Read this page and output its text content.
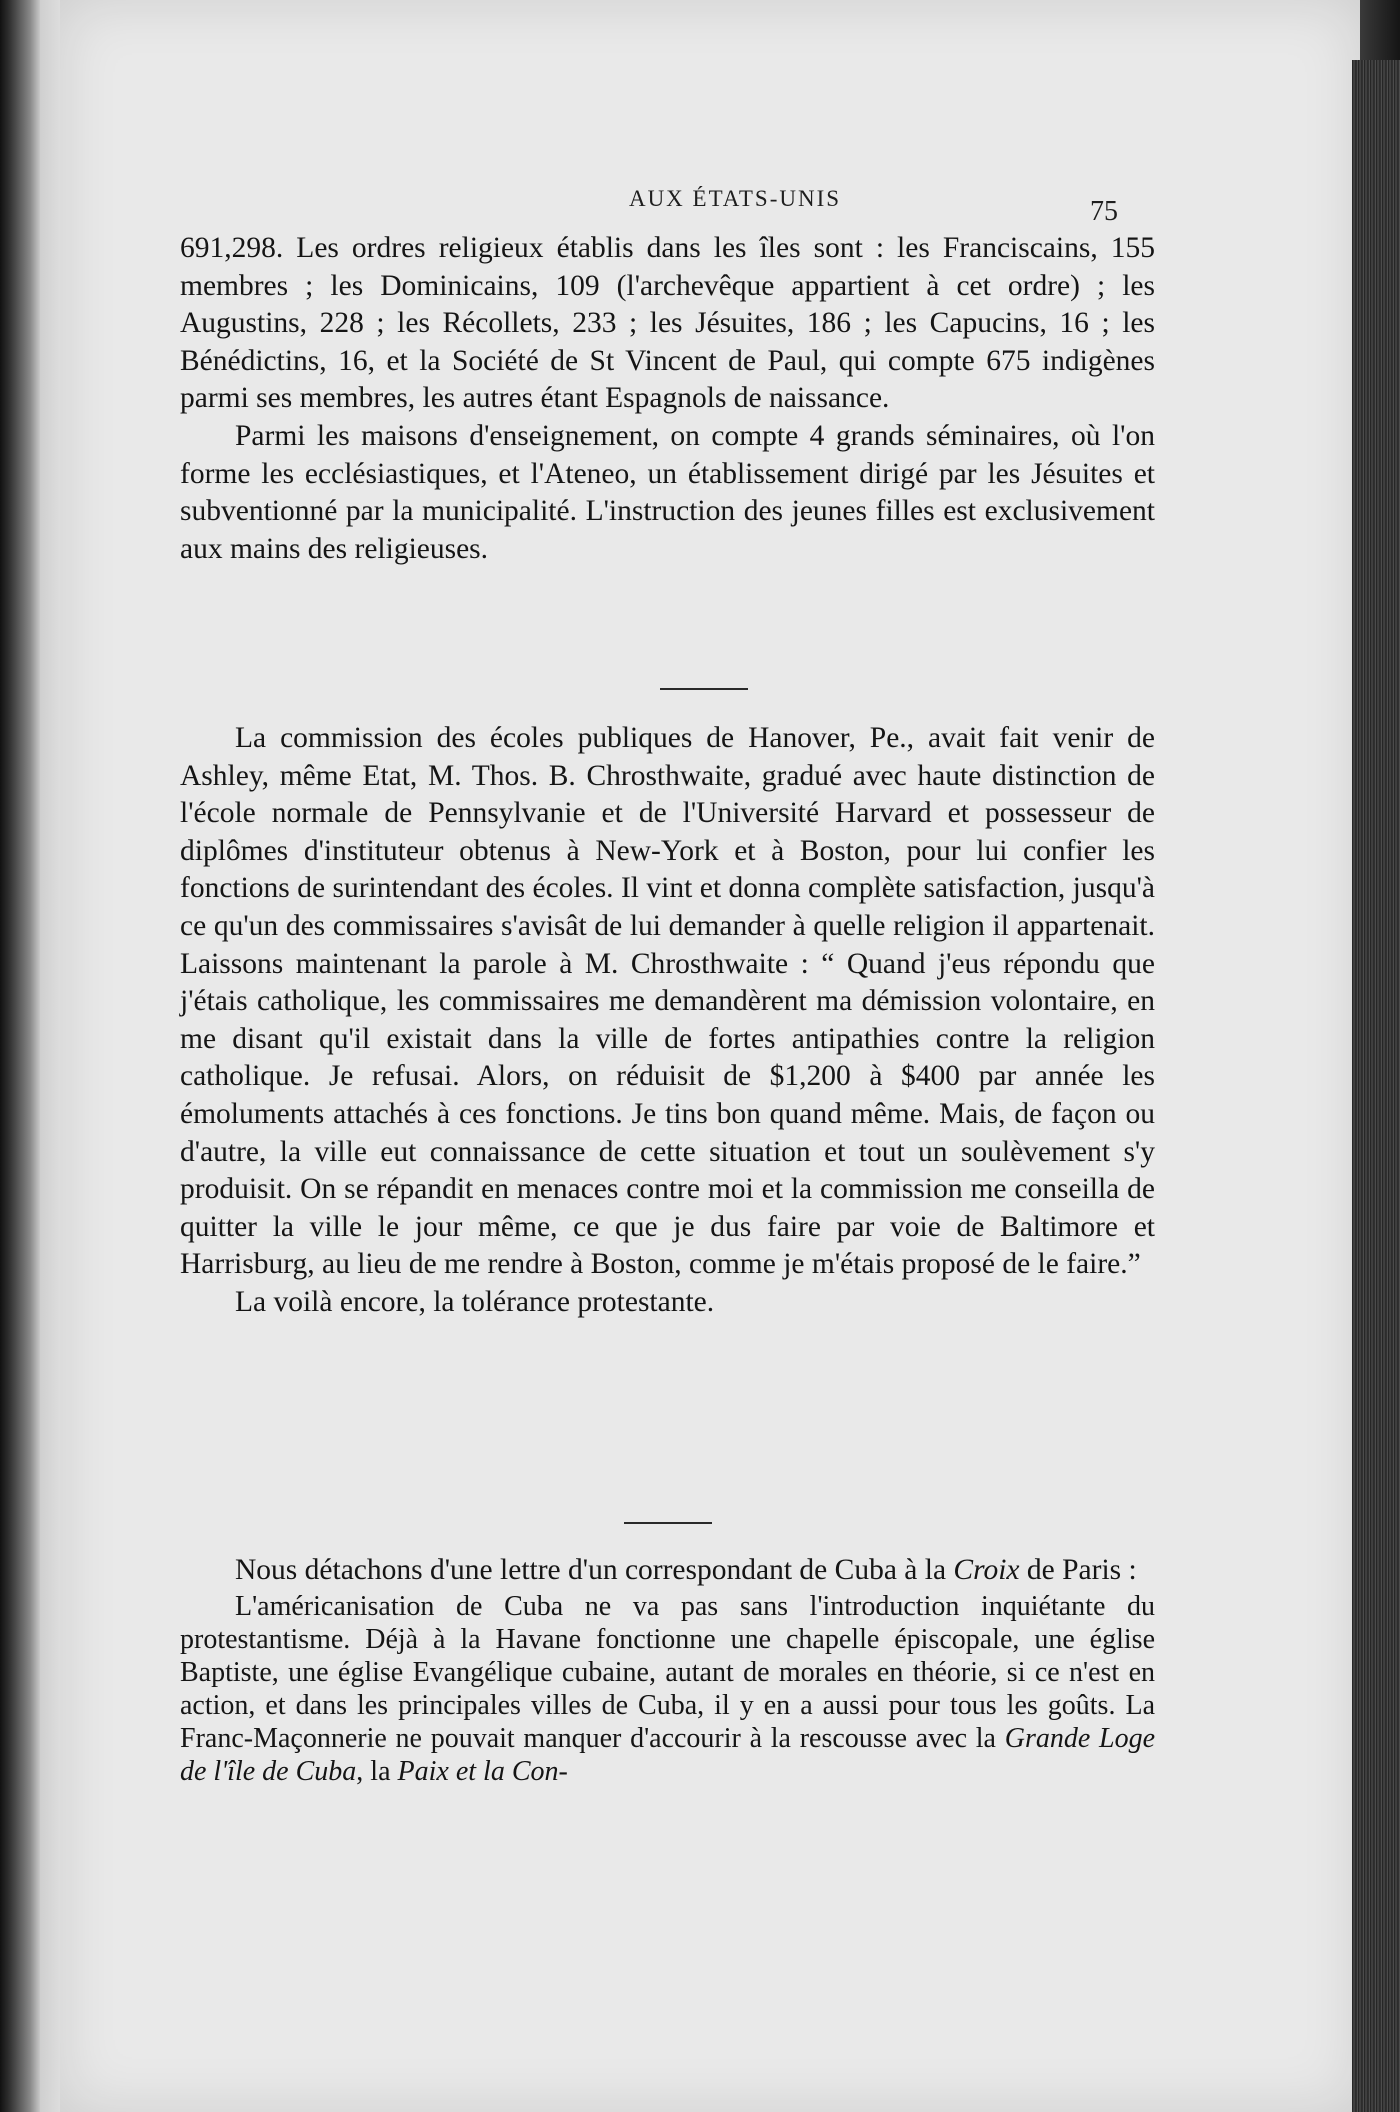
AUX ÉTATS-UNIS	75

691,298. Les ordres religieux établis dans les îles sont : les Franciscains, 155 membres ; les Dominicains, 109 (l'archevêque appartient à cet ordre) ; les Augustins, 228 ; les Récollets, 233 ; les Jésuites, 186 ; les Capucins, 16 ; les Bénédictins, 16, et la Société de St Vincent de Paul, qui compte 675 indigènes parmi ses membres, les autres étant Espagnols de naissance.

Parmi les maisons d'enseignement, on compte 4 grands séminaires, où l'on forme les ecclésiastiques, et l'Ateneo, un établissement dirigé par les Jésuites et subventionné par la municipalité. L'instruction des jeunes filles est exclusivement aux mains des religieuses.

La commission des écoles publiques de Hanover, Pe., avait fait venir de Ashley, même Etat, M. Thos. B. Chrosthwaite, gradué avec haute distinction de l'école normale de Pennsylvanie et de l'Université Harvard et possesseur de diplômes d'instituteur obtenus à New-York et à Boston, pour lui confier les fonctions de surintendant des écoles. Il vint et donna complète satisfaction, jusqu'à ce qu'un des commissaires s'avisât de lui demander à quelle religion il appartenait. Laissons maintenant la parole à M. Chrosthwaite : “ Quand j'eus répondu que j'étais catholique, les commissaires me demandèrent ma démission volontaire, en me disant qu'il existait dans la ville de fortes antipathies contre la religion catholique. Je refusai. Alors, on réduisit de $1,200 à $400 par année les émoluments attachés à ces fonctions. Je tins bon quand même. Mais, de façon ou d'autre, la ville eut connaissance de cette situation et tout un soulèvement s'y produisit. On se répandit en menaces contre moi et la commission me conseilla de quitter la ville le jour même, ce que je dus faire par voie de Baltimore et Harrisburg, au lieu de me rendre à Boston, comme je m'étais proposé de le faire.”

La voilà encore, la tolérance protestante.

Nous détachons d'une lettre d'un correspondant de Cuba à la Croix de Paris :

L'américanisation de Cuba ne va pas sans l'introduction inquiétante du protestantisme. Déjà à la Havane fonctionne une chapelle épiscopale, une église Baptiste, une église Evangélique cubaine, autant de morales en théorie, si ce n'est en action, et dans les principales villes de Cuba, il y en a aussi pour tous les goûts. La Franc-Maçonnerie ne pouvait manquer d'accourir à la rescousse avec la Grande Loge de l'île de Cuba, la Paix et la Con-
